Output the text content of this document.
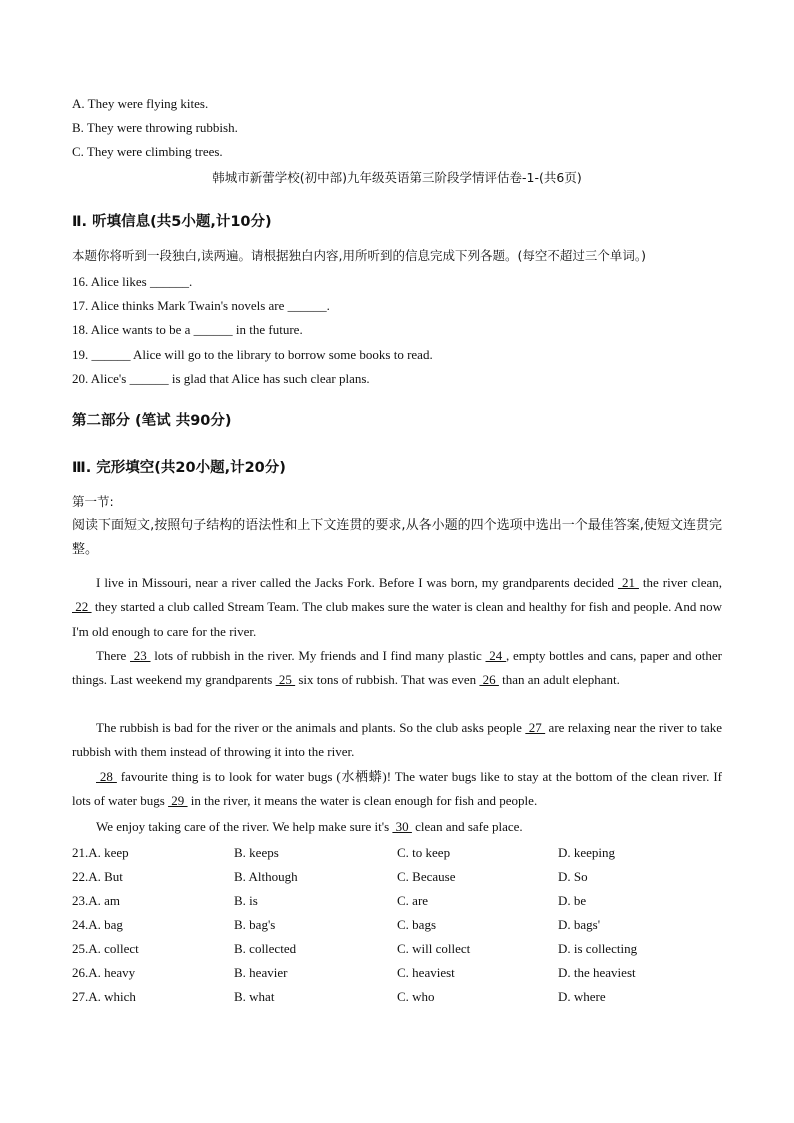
A. They were flying kites.
B. They were throwing rubbish.
C. They were climbing trees.
韩城市新蕾学校(初中部)九年级英语第三阶段学情评估卷-1-(共6页)
Ⅱ. 听填信息(共5小题,计10分)
本题你将听到一段独白,读两遍。请根据独白内容,用所听到的信息完成下列各题。(每空不超过三个单词。)
16. Alice likes ______.
17. Alice thinks Mark Twain's novels are ______.
18. Alice wants to be a ______ in the future.
19. ______ Alice will go to the library to borrow some books to read.
20. Alice's ______ is glad that Alice has such clear plans.
第二部分 (笔试 共90分)
Ⅲ. 完形填空(共20小题,计20分)
第一节:
阅读下面短文,按照句子结构的语法性和上下文连贯的要求,从各小题的四个选项中选出一个最佳答案,使短文连贯完整。
I live in Missouri, near a river called the Jacks Fork. Before I was born, my grandparents decided  21  the river clean,  22  they started a club called Stream Team. The club makes sure the water is clean and healthy for fish and people. And now I'm old enough to care for the river.
There  23  lots of rubbish in the river. My friends and I find many plastic  24 , empty bottles and cans, paper and other things. Last weekend my grandparents  25  six tons of rubbish. That was even  26  than an adult elephant.
The rubbish is bad for the river or the animals and plants. So the club asks people  27  are relaxing near the river to take rubbish with them instead of throwing it into the river.
28  favourite thing is to look for water bugs (水栖蟒)! The water bugs like to stay at the bottom of the clean river. If lots of water bugs  29  in the river, it means the water is clean enough for fish and people.
We enjoy taking care of the river. We help make sure it's  30  clean and safe place.
21.A. keep	B. keeps	C. to keep	D. keeping
22.A. But	B. Although	C. Because	D. So
23.A. am	B. is	C. are	D. be
24.A. bag	B. bag's	C. bags	D. bags'
25.A. collect	B. collected	C. will collect	D. is collecting
26.A. heavy	B. heavier	C. heaviest	D. the heaviest
27.A. which	B. what	C. who	D. where
